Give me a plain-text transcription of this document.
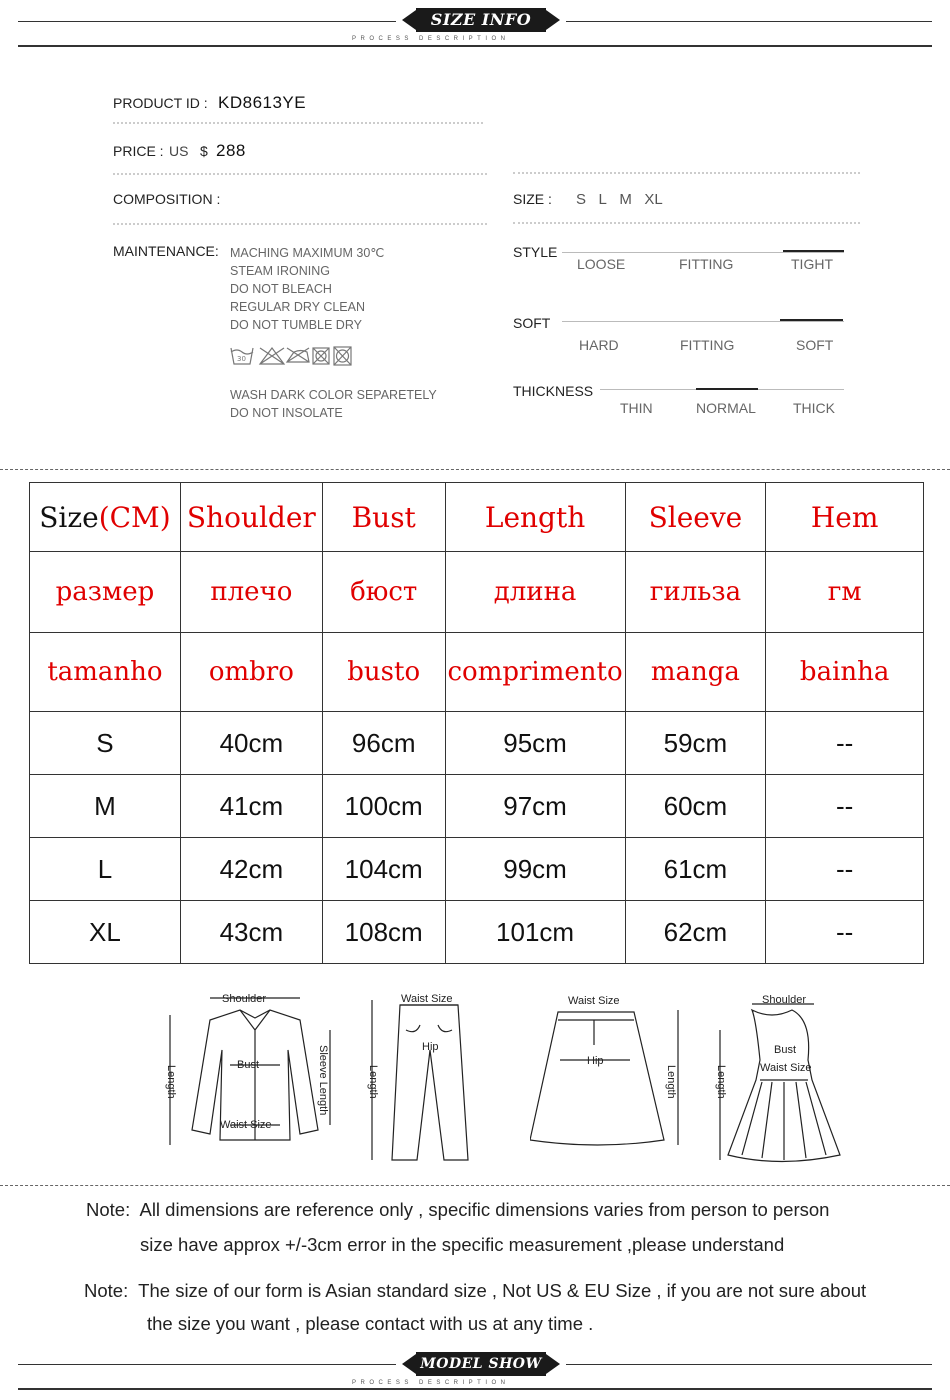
SIZE INFO
PROCESS DESCRIPTION
PRODUCT ID : KD8613YE
PRICE : US $ 288
COMPOSITION :
MAINTENANCE: MACHING MAXIMUM 30℃
STEAM IRONING
DO NOT BLEACH
REGULAR DRY CLEAN
DO NOT TUMBLE DRY
30
WASH DARK COLOR SEPARETELY
DO NOT INSOLATE
SIZE : S L M XL
STYLE
LOOSE	FITTING	TIGHT
SOFT
HARD	FITTING	SOFT
THICKNESS
THIN	NORMAL	THICK
Size(CM)	Shoulder	Bust	Length	Sleeve	Hem
размер	плечо	бюст	длина	гильза	гм
tamanho	ombro	busto	comprimento	manga	bainha
S	40cm	96cm	95cm	59cm	--
M	41cm	100cm	97cm	60cm	--
L	42cm	104cm	99cm	61cm	--
XL	43cm	108cm	101cm	62cm	--
Shoulder
Bust
Waist Size
Length	Sleeve Length
Waist Size
Hip
Length
Waist Size
Hip
Length
Shoulder
Bust
Waist Size
Length
Note: All dimensions are reference only , specific dimensions varies from person to person
size have approx +/-3cm error in the specific measurement ,please understand
Note: The size of our form is Asian standard size , Not US & EU Size , if you are not sure about
the size you want , please contact with us at any time .
MODEL SHOW
PROCESS DESCRIPTION
